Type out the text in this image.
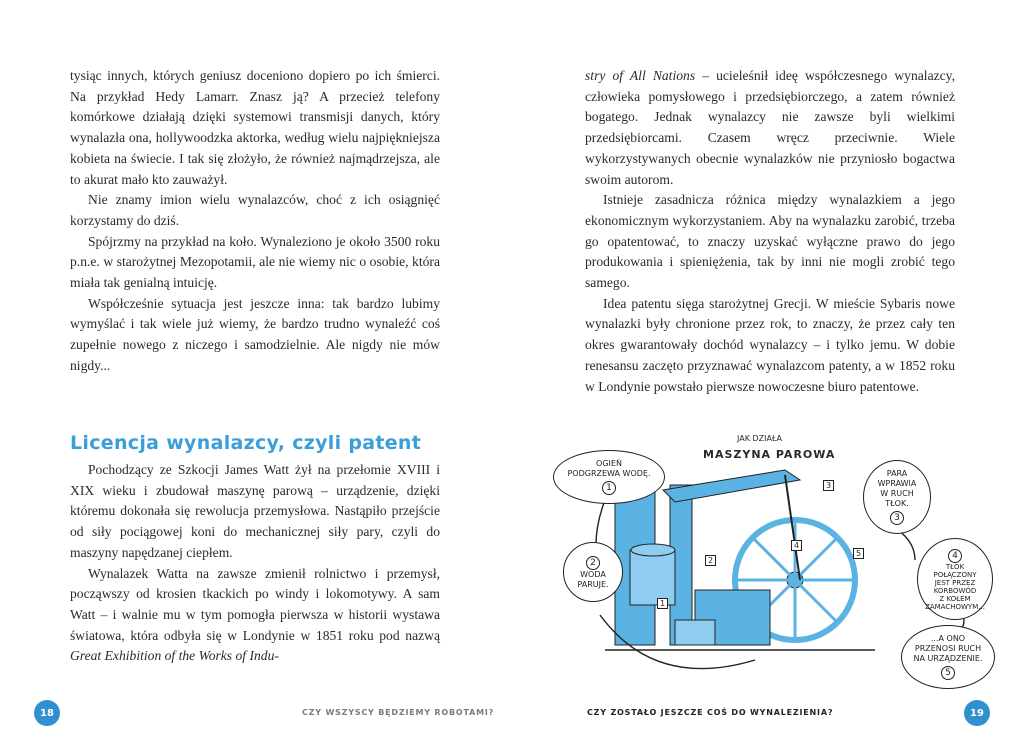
tysiąc innych, których geniusz doceniono dopiero po ich śmierci. Na przykład Hedy Lamarr. Znasz ją? A przecież telefony komórkowe działają dzięki systemowi transmisji danych, który wynalazła ona, hollywoodzka aktorka, według wielu najpiękniejsza kobieta na świecie. I tak się złożyło, że również najmądrzejsza, ale to akurat mało kto zauważył.

Nie znamy imion wielu wynalazców, choć z ich osiągnięć korzystamy do dziś.

Spójrzmy na przykład na koło. Wynaleziono je około 3500 roku p.n.e. w starożytnej Mezopotamii, ale nie wiemy nic o osobie, która miała tak genialną intuicję.

Współcześnie sytuacja jest jeszcze inna: tak bardzo lubimy wymyślać i tak wiele już wiemy, że bardzo trudno wynaleźć coś zupełnie nowego z niczego i samodzielnie. Ale nigdy nie mów nigdy...

Licencja wynalazcy, czyli patent

Pochodzący ze Szkocji James Watt żył na przełomie XVIII i XIX wieku i zbudował maszynę parową – urządzenie, dzięki któremu dokonała się rewolucja przemysłowa. Nastąpiło przejście od siły pociągowej koni do mechanicznej siły pary, czyli do maszyny napędzanej ciepłem.

Wynalazek Watta na zawsze zmienił rolnictwo i przemysł, począwszy od krosien tkackich po windy i lokomotywy. A sam Watt – i walnie mu w tym pomogła pierwsza w historii wystawa światowa, która odbyła się w Londynie w 1851 roku pod nazwą Great Exhibition of the Works of Indu-

stry of All Nations – ucieleśnił ideę współczesnego wynalazcy, człowieka pomysłowego i przedsiębiorczego, a zatem również bogatego. Jednak wynalazcy nie zawsze byli wielkimi przedsiębiorcami. Czasem wręcz przeciwnie. Wiele wykorzystywanych obecnie wynalazków nie przyniosło bogactwa swoim autorom.

Istnieje zasadnicza różnica między wynalazkiem a jego ekonomicznym wykorzystaniem. Aby na wynalazku zarobić, trzeba go opatentować, to znaczy uzyskać wyłączne prawo do jego produkowania i spieniężenia, tak by inni nie mogli zrobić tego samego.

Idea patentu sięga starożytnej Grecji. W mieście Sybaris nowe wynalazki były chronione przez rok, to znaczy, że przez cały ten okres gwarantowały dochód wynalazcy – i tylko jemu. W dobie renesansu zaczęto przyznawać wynalazcom patenty, a w 1852 roku w Londynie powstało pierwsze nowoczesne biuro patentowe.

JAK DZIAŁA
MASZYNA PAROWA
OGIEŃ
PODGRZEWA WODĘ.
1
2
WODA
PARUJE.
PARA
WPRAWIA
W RUCH
TŁOK.
3
4
TŁOK
POŁĄCZONY
JEST PRZEZ
KORBOWÓD
Z KOŁEM
ZAMACHOWYM...
...A ONO
PRZENOSI RUCH
NA URZĄDZENIE.
5
1
2
3
4
5
18	CZY WSZYSCY BĘDZIEMY ROBOTAMI?	CZY ZOSTAŁO JESZCZE COŚ DO WYNALEZIENIA?	19
